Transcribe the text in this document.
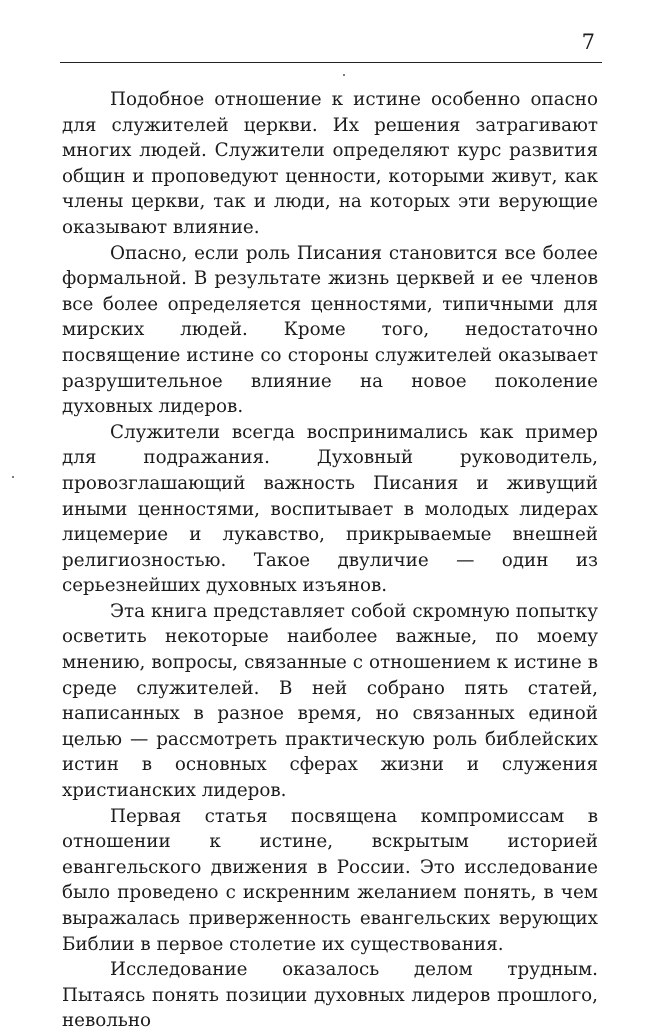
7

Подобное отношение к истине особенно опасно для служителей церкви. Их решения затрагивают многих людей. Служители определяют курс развития общин и проповедуют ценности, которыми живут, как члены церкви, так и люди, на которых эти верующие оказывают влияние.

Опасно, если роль Писания становится все более формальной. В результате жизнь церквей и ее членов все более определяется ценностями, типичными для мирских людей. Кроме того, недостаточно посвящение истине со стороны служителей оказывает разрушительное влияние на новое поколение духовных лидеров.

Служители всегда воспринимались как пример для подражания. Духовный руководитель, провозглашающий важность Писания и живущий иными ценностями, воспитывает в молодых лидерах лицемерие и лукавство, прикрываемые внешней религиозностью. Такое двуличие — один из серьезнейших духовных изъянов.

Эта книга представляет собой скромную попытку осветить некоторые наиболее важные, по моему мнению, вопросы, связанные с отношением к истине в среде служителей. В ней собрано пять статей, написанных в разное время, но связанных единой целью — рассмотреть практическую роль библейских истин в основных сферах жизни и служения христианских лидеров.

Первая статья посвящена компромиссам в отношении к истине, вскрытым историей евангельского движения в России. Это исследование было проведено с искренним желанием понять, в чем выражалась приверженность евангельских верующих Библии в первое столетие их существования.

Исследование оказалось делом трудным. Пытаясь понять позиции духовных лидеров прошлого, невольно
